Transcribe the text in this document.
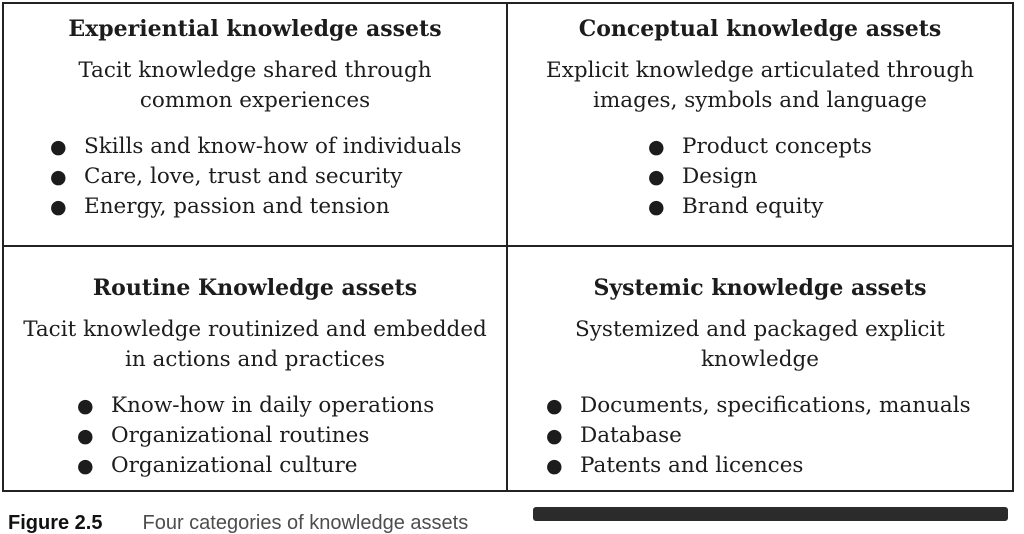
Experiential knowledge assets

Tacit knowledge shared through
common experiences

● Skills and know-how of individuals
● Care, love, trust and security
● Energy, passion and tension
Conceptual knowledge assets

Explicit knowledge articulated through
images, symbols and language

● Product concepts
● Design
● Brand equity
Routine Knowledge assets

Tacit knowledge routinized and embedded
in actions and practices

● Know-how in daily operations
● Organizational routines
● Organizational culture
Systemic knowledge assets

Systemized and packaged explicit
knowledge

● Documents, specifications, manuals
● Database
● Patents and licences
Figure 2.5 Four categories of knowledge assets
